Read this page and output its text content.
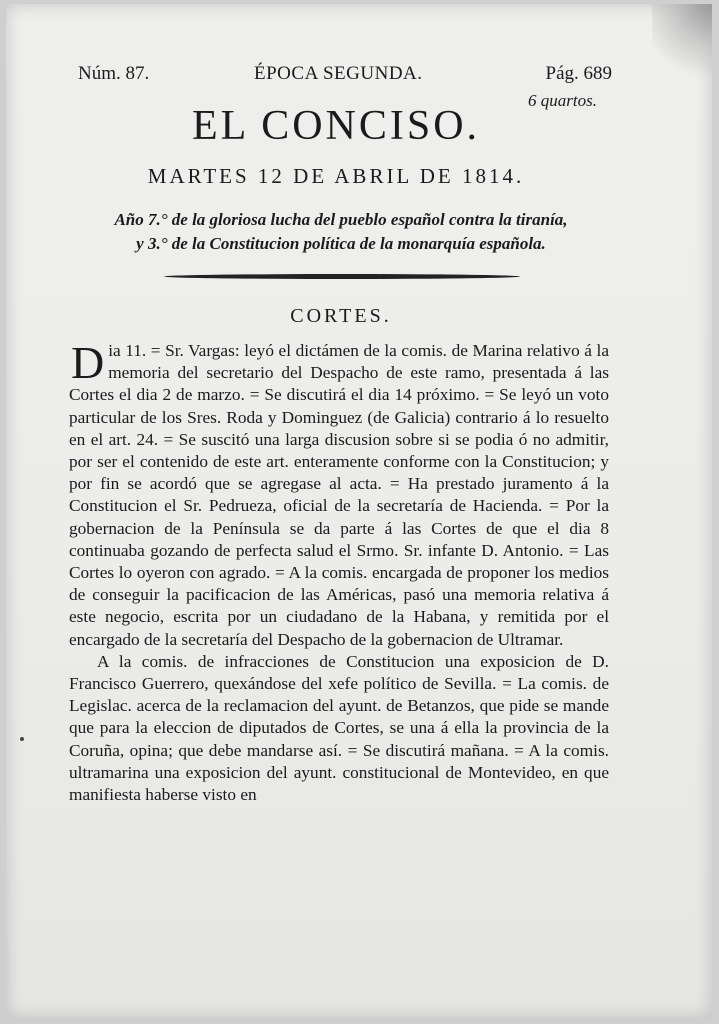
Núm. 87.	ÉPOCA SEGUNDA.	Pág. 689
6 quartos.
EL CONCISO.
MARTES 12 DE ABRIL DE 1814.
Año 7.° de la gloriosa lucha del pueblo español contra la tiranía,
y 3.° de la Constitucion política de la monarquía española.
CORTES.

Dia 11. = Sr. Vargas: leyó el dictámen de la comis. de Marina relativo á la memoria del secretario del Despacho de este ramo, presentada á las Cortes el dia 2 de marzo. = Se discutirá el dia 14 próximo. = Se leyó un voto particular de los Sres. Roda y Dominguez (de Galicia) contrario á lo resuelto en el art. 24. = Se suscitó una larga discusion sobre si se podia ó no admitir, por ser el contenido de este art. enteramente conforme con la Constitucion; y por fin se acordó que se agregase al acta. = Ha prestado juramento á la Constitucion el Sr. Pedrueza, oficial de la secretaría de Hacienda. = Por la gobernacion de la Península se da parte á las Cortes de que el dia 8 continuaba gozando de perfecta salud el Srmo. Sr. infante D. Antonio. = Las Cortes lo oyeron con agrado. = A la comis. encargada de proponer los medios de conseguir la pacificacion de las Américas, pasó una memoria relativa á este negocio, escrita por un ciudadano de la Habana, y remitida por el encargado de la secretaría del Despacho de la gobernacion de Ultramar.

A la comis. de infracciones de Constitucion una exposicion de D. Francisco Guerrero, quexándose del xefe político de Sevilla. = La comis. de Legislac. acerca de la reclamacion del ayunt. de Betanzos, que pide se mande que para la eleccion de diputados de Cortes, se una á ella la provincia de la Coruña, opina; que debe mandarse así. = Se discutirá mañana. = A la comis. ultramarina una exposicion del ayunt. constitucional de Montevideo, en que manifiesta haberse visto en
